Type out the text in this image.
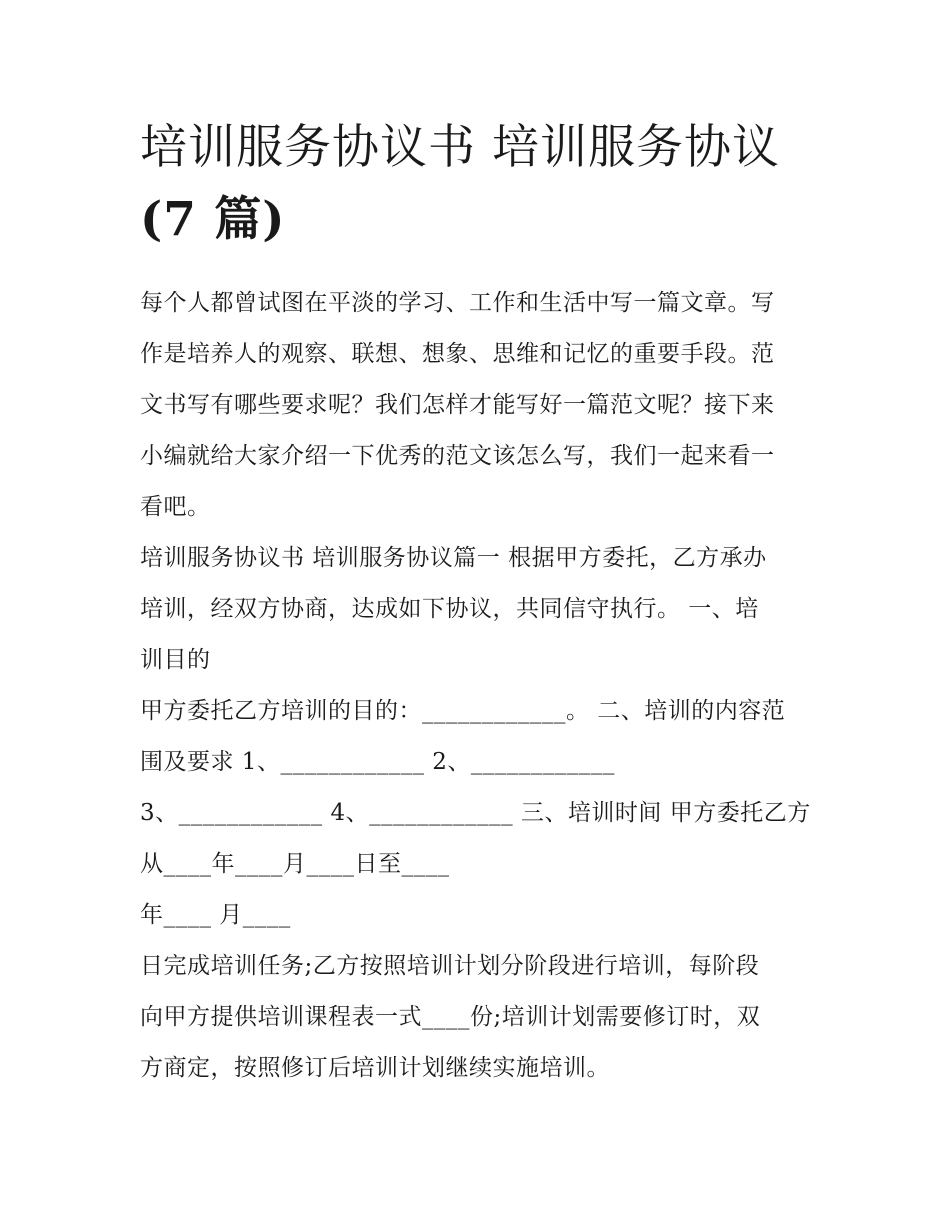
培训服务协议书 培训服务协议
(7 篇)

每个人都曾试图在平淡的学习、工作和生活中写一篇文章。写
作是培养人的观察、联想、想象、思维和记忆的重要手段。范
文书写有哪些要求呢？我们怎样才能写好一篇范文呢？接下来
小编就给大家介绍一下优秀的范文该怎么写，我们一起来看一
看吧。

培训服务协议书 培训服务协议篇一 根据甲方委托，乙方承办
培训，经双方协商，达成如下协议，共同信守执行。 一、培
训目的

甲方委托乙方培训的目的：____________。 二、培训的内容范
围及要求 1、____________ 2、____________

3、____________ 4、____________ 三、培训时间 甲方委托乙方
从____年____月____日至____

年____ 月____

日完成培训任务;乙方按照培训计划分阶段进行培训，每阶段
向甲方提供培训课程表一式____份;培训计划需要修订时，双
方商定，按照修订后培训计划继续实施培训。
